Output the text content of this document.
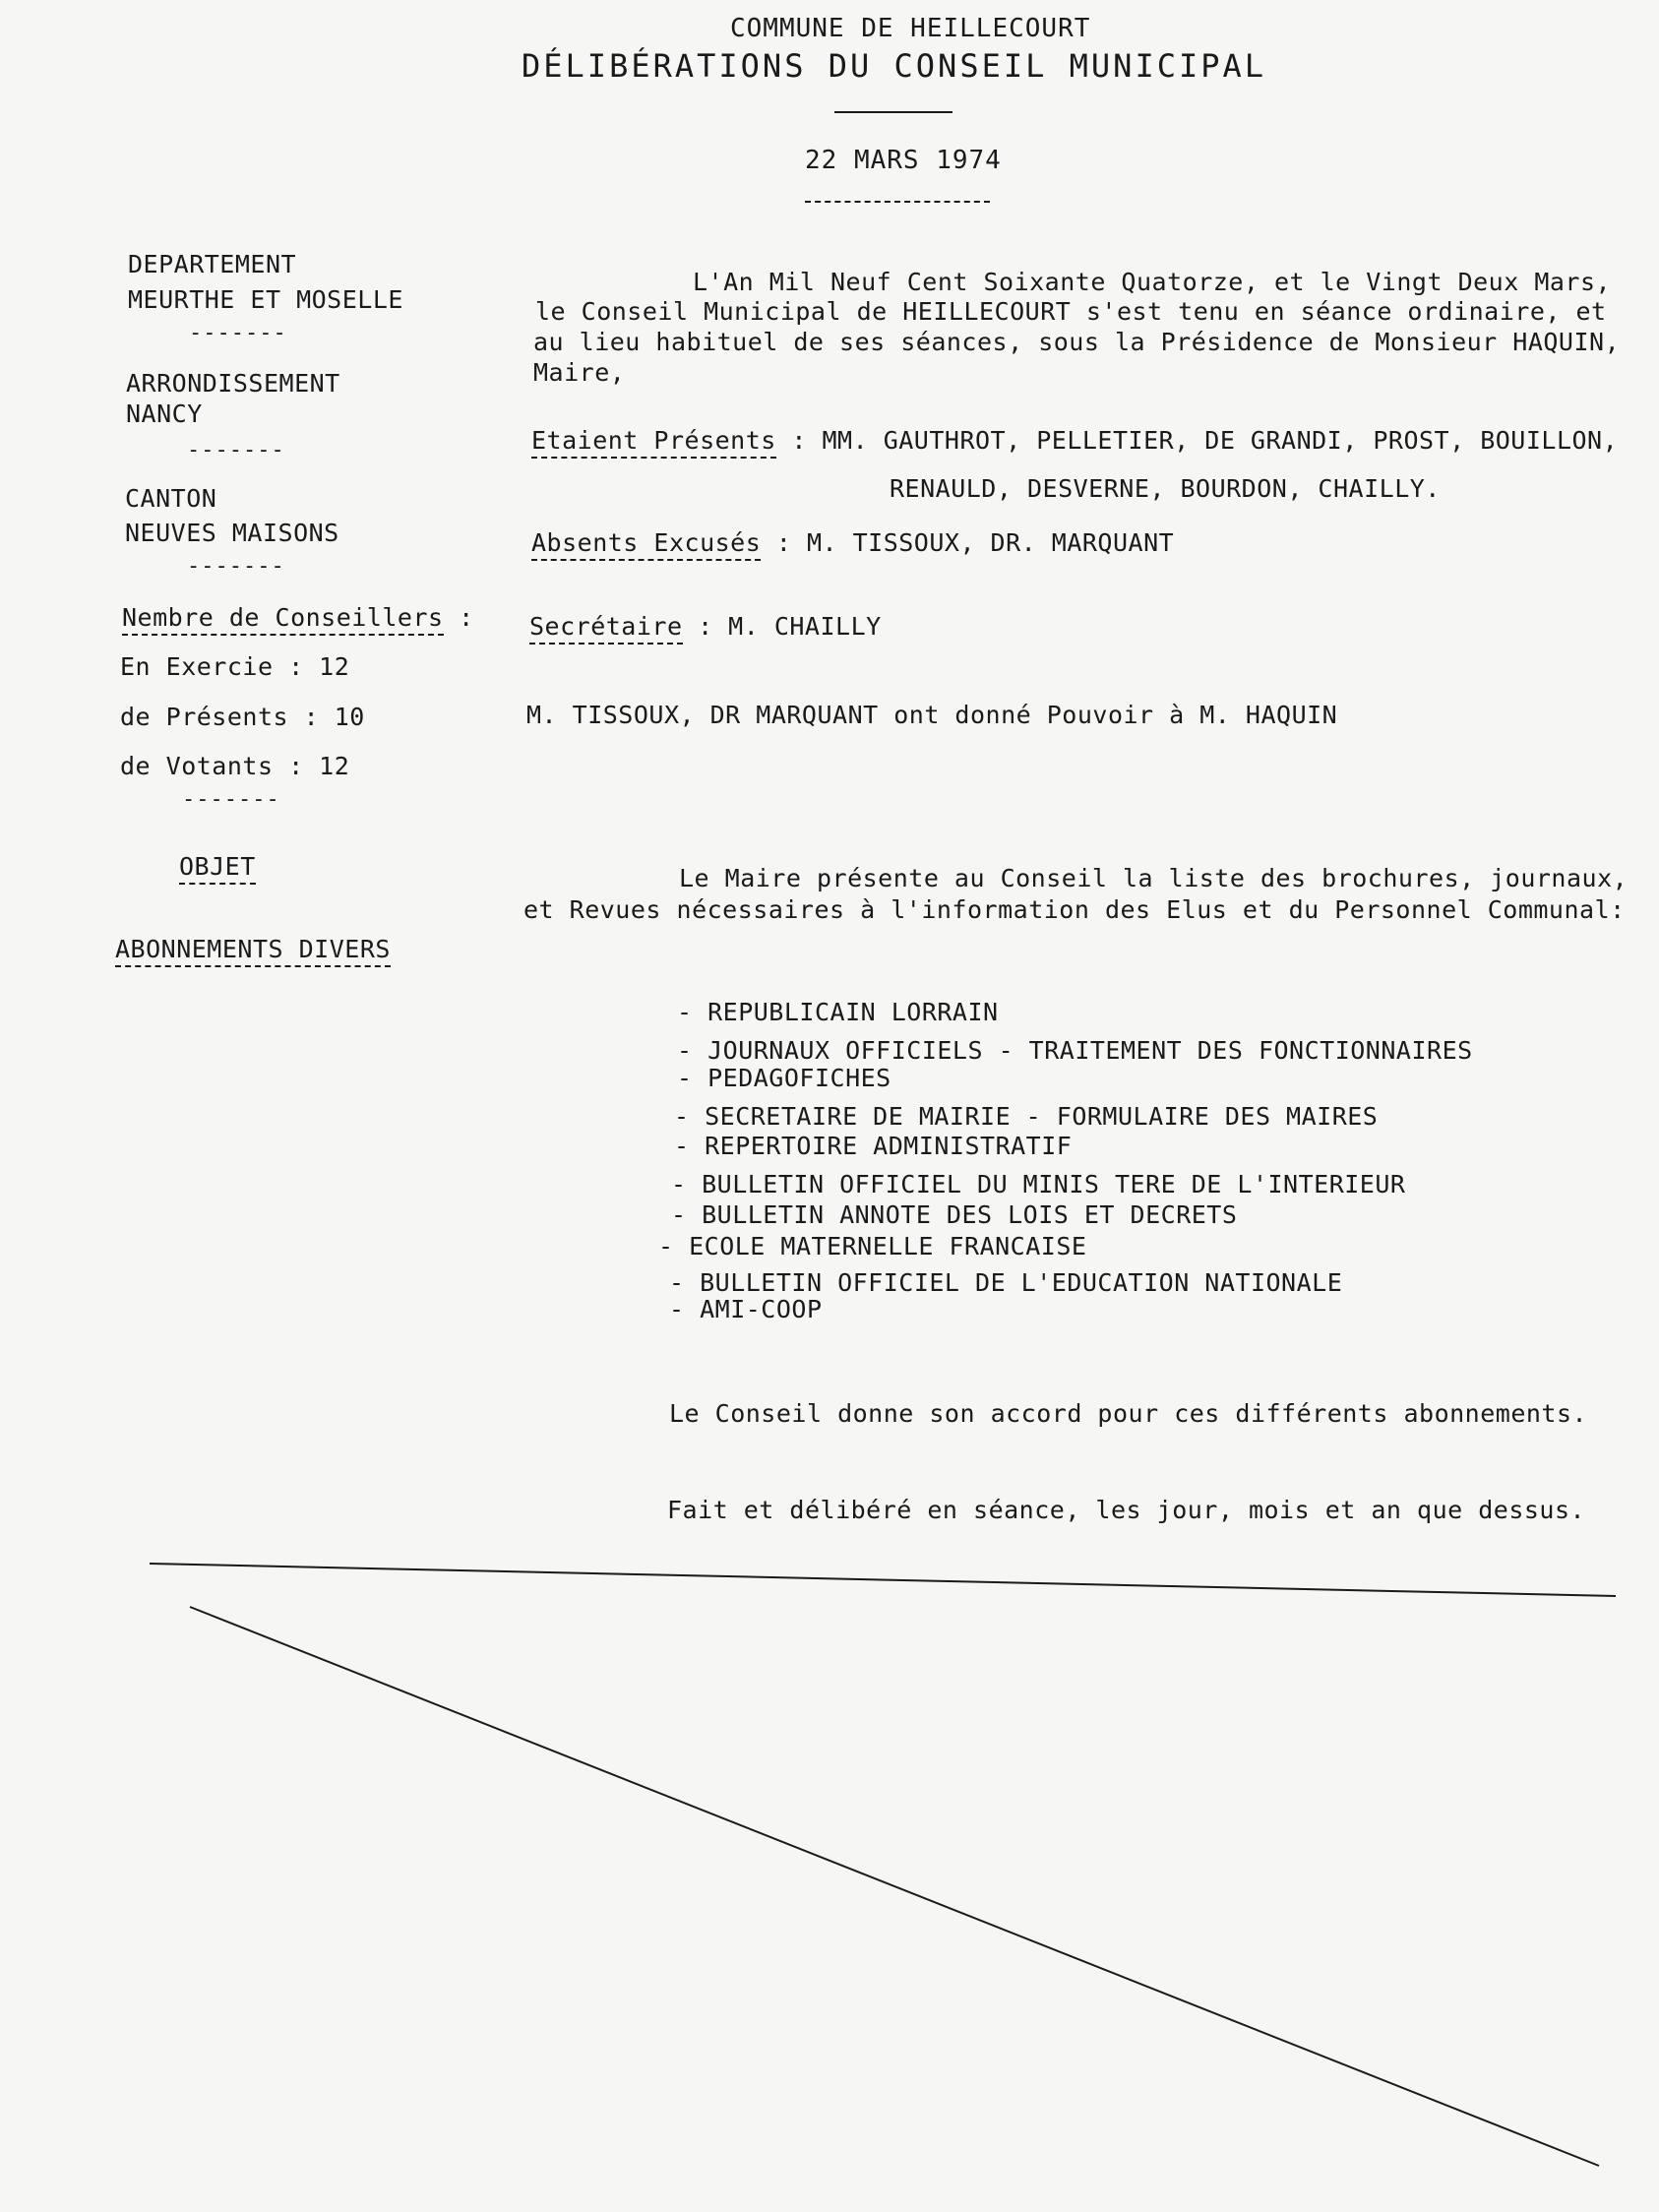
COMMUNE DE HEILLECOURT
DÉLIBÉRATIONS DU CONSEIL MUNICIPAL
22 MARS 1974
DEPARTEMENT
MEURTHE ET MOSELLE
-------
ARRONDISSEMENT
NANCY
-------
CANTON
NEUVES MAISONS
-------
Nembre de Conseillers :
En Exercie : 12
de Présents : 10
de Votants : 12
-------
OBJET
ABONNEMENTS DIVERS
L'An Mil Neuf Cent Soixante Quatorze, et le Vingt Deux Mars,
le Conseil Municipal de HEILLECOURT s'est tenu en séance ordinaire, et
au lieu habituel de ses séances, sous la Présidence de Monsieur HAQUIN,
Maire,
Etaient Présents : MM. GAUTHROT, PELLETIER, DE GRANDI, PROST, BOUILLON,
RENAULD, DESVERNE, BOURDON, CHAILLY.
Absents Excusés : M. TISSOUX, DR. MARQUANT
Secrétaire : M. CHAILLY
M. TISSOUX, DR MARQUANT ont donné Pouvoir à M. HAQUIN
Le Maire présente au Conseil la liste des brochures, journaux,
et Revues nécessaires à l'information des Elus et du Personnel Communal:
- REPUBLICAIN LORRAIN
- JOURNAUX OFFICIELS - TRAITEMENT DES FONCTIONNAIRES
- PEDAGOFICHES
- SECRETAIRE DE MAIRIE - FORMULAIRE DES MAIRES
- REPERTOIRE ADMINISTRATIF
- BULLETIN OFFICIEL DU MINIS TERE DE L'INTERIEUR
- BULLETIN ANNOTE DES LOIS ET DECRETS
- ECOLE MATERNELLE FRANCAISE
- BULLETIN OFFICIEL DE L'EDUCATION NATIONALE
- AMI-COOP
Le Conseil donne son accord pour ces différents abonnements.
Fait et délibéré en séance, les jour, mois et an que dessus.
